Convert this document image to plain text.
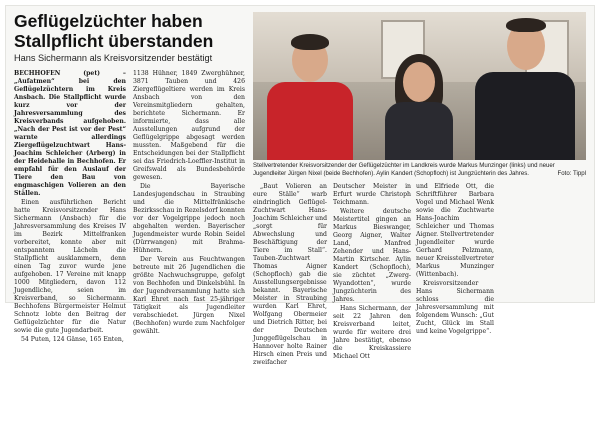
Geflügelzüchter haben
Stallpflicht überstanden

Hans Sichermann als Kreisvorsitzender bestätigt

BECHHOFEN (pet) – „Aufatmen“ bei den Geflügelzüchtern im Kreis Ansbach. Die Stallpflicht wurde kurz vor der Jahresversammlung des Kreisverbands aufgehoben. „Nach der Pest ist vor der Pest“ warnte allerdings Ziergeflügelzuchtwart Hans-Joachim Schleicher (Arberg) in der Heidehalle in Bechhofen. Er empfahl für den Auslauf der Tiere den Bau von engmaschigen Volieren an den Ställen.

Einen ausführlichen Bericht hatte Kreisvorsitzender Hans Sichermann (Ansbach) für die Jahresversammlung des Kreises IV im Bezirk Mittelfranken vorbereitet, konnte aber mit entspanntem Lächeln die Stallpflicht ausklammern, denn einen Tag zuvor wurde jene aufgehoben. 17 Vereine mit knapp 1000 Mitgliedern, davon 112 Jugendliche, seien im Kreisverband, so Sichermann. Bechhofens Bürgermeister Helmut Schnotz lobte den Beitrag der Geflügelzüchter für die Natur sowie die gute Jugendarbeit.

54 Puten, 124 Gänse, 165 Enten,

1138 Hühner, 1849 Zwerghühner, 3871 Tauben und 426 Ziergeflügeltiere werden im Kreis Ansbach von den Vereinsmitgliedern gehalten, berichtete Sichermann. Er informierte, dass alle Ausstellungen aufgrund der Geflügelgrippe abgesagt werden mussten. Maßgebend für die Entscheidungen bei der Stallpflicht sei das Friedrich-Loeffler-Institut in Greifswald als Bundesbehörde gewesen.

Die Bayerische Landesjugendschau in Straubing und die Mittelfränkische Bezirksschau in Rezelsdorf konnten vor der Vogelgrippe jedoch noch abgehalten werden. Bayerischer Jugendmeister wurde Robin Seidel (Dürrwangen) mit Brahma-Hühnern.

Der Verein aus Feuchtwangen betreute mit 26 Jugendlichen die größte Nachwuchsgruppe, gefolgt von Bechhofen und Dinkelsbühl. In der Jugendversammlung hatte sich Karl Ehret nach fast 25-jähriger Tätigkeit als Jugendleiter verabschiedet. Jürgen Nixel (Bechhofen) wurde zum Nachfolger gewählt.

Stellvertretender Kreisvorsitzender der Geflügelzüchter im Landkreis wurde Markus Munzinger (links) und neuer Jugendleiter Jürgen Nixel (beide Bechhofen). Aylin Kandert (Schopfloch) ist Jungzüchterin des Jahres.	Foto: Tippl

„Baut Volieren an eure Ställe“ warb eindringlich Geflügel-Zuchtwart Hans-Joachim Schleicher und „sorgt für Abwechslung und Beschäftigung der Tiere im Stall“. Tauben-Zuchtwart Thomas Aigner (Schopfloch) gab die Ausstellungsergebnisse bekannt. Bayerische Meister in Straubing wurden Karl Ehret, Wolfgang Obermeier und Dietrich Ritter, bei der Deutschen Junggeflügelschau in Hannover holte Rainer Hirsch einen Preis und zweifacher

Deutscher Meister in Erfurt wurde Christoph Teichmann.

Weitere deutsche Meistertitel gingen an Markus Bieswanger, Georg Aigner, Walter Land, Manfred Zehender und Hans-Martin Kirtscher. Aylin Kandert (Schopfloch), sie züchtet „Zwerg-Wyandotten“, wurde Jungzüchterin des Jahres.

Hans Sichermann, der seit 22 Jahren den Kreisverband leitet, wurde für weitere drei Jahre bestätigt, ebenso die Kreiskassiere Michael Ott

und Elfriede Ott, die Schriftführer Barbara Vogel und Michael Wenk sowie die Zuchtwarte Hans-Joachim Schleicher und Thomas Aigner. Stellvertretender Jugendleiter wurde Gerhard Pelzmann, neuer Kreisstellvertreter Markus Munzinger (Wittenbach).

Kreisvorsitzender Hans Sichermann schloss die Jahresversammlung mit folgendem Wunsch: „Gut Zucht, Glück im Stall und keine Vogelgrippe“.
